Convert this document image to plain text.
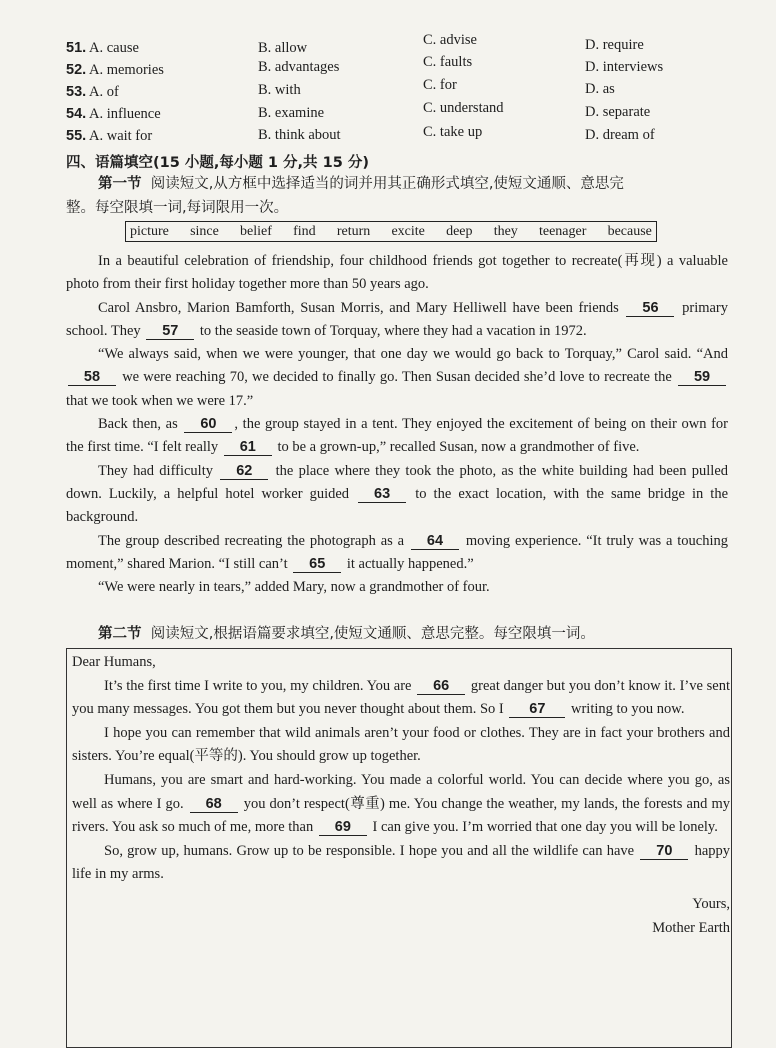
51. A. cause	B. allow	C. advise	D. require
52. A. memories	B. advantages	C. faults	D. interviews
53. A. of	B. with	C. for	D. as
54. A. influence	B. examine	C. understand	D. separate
55. A. wait for	B. think about	C. take up	D. dream of
四、语篇填空(15 小题,每小题 1 分,共 15 分)
第一节 阅读短文,从方框中选择适当的词并用其正确形式填空,使短文通顺、意思完
整。每空限填一词,每词限用一次。
picture since belief find return excite deep they teenager because

In a beautiful celebration of friendship, four childhood friends got together to recreate(再现) a valuable photo from their first holiday together more than 50 years ago.

Carol Ansbro, Marion Bamforth, Susan Morris, and Mary Helliwell have been friends 56 primary school. They 57 to the seaside town of Torquay, where they had a vacation in 1972.

“We always said, when we were younger, that one day we would go back to Torquay,” Carol said. “And 58 we were reaching 70, we decided to finally go. Then Susan decided she’d love to recreate the 59 that we took when we were 17.”

Back then, as 60 , the group stayed in a tent. They enjoyed the excitement of being on their own for the first time. “I felt really 61 to be a grown-up,” recalled Susan, now a grandmother of five.

They had difficulty 62 the place where they took the photo, as the white building had been pulled down. Luckily, a helpful hotel worker guided 63 to the exact location, with the same bridge in the background.

The group described recreating the photograph as a 64 moving experience. “It truly was a touching moment,” shared Marion. “I still can’t 65 it actually happened.”

“We were nearly in tears,” added Mary, now a grandmother of four.

第二节 阅读短文,根据语篇要求填空,使短文通顺、意思完整。每空限填一词。

Dear Humans,

It’s the first time I write to you, my children. You are 66 great danger but you don’t know it. I’ve sent you many messages. You got them but you never thought about them. So I 67 writing to you now.

I hope you can remember that wild animals aren’t your food or clothes. They are in fact your brothers and sisters. You’re equal(平等的). You should grow up together.

Humans, you are smart and hard-working. You made a colorful world. You can decide where you go, as well as where I go. 68 you don’t respect(尊重) me. You change the weather, my lands, the forests and my rivers. You ask so much of me, more than 69 I can give you. I’m worried that one day you will be lonely.

So, grow up, humans. Grow up to be responsible. I hope you and all the wildlife can have 70 happy life in my arms.

Yours,

Mother Earth
